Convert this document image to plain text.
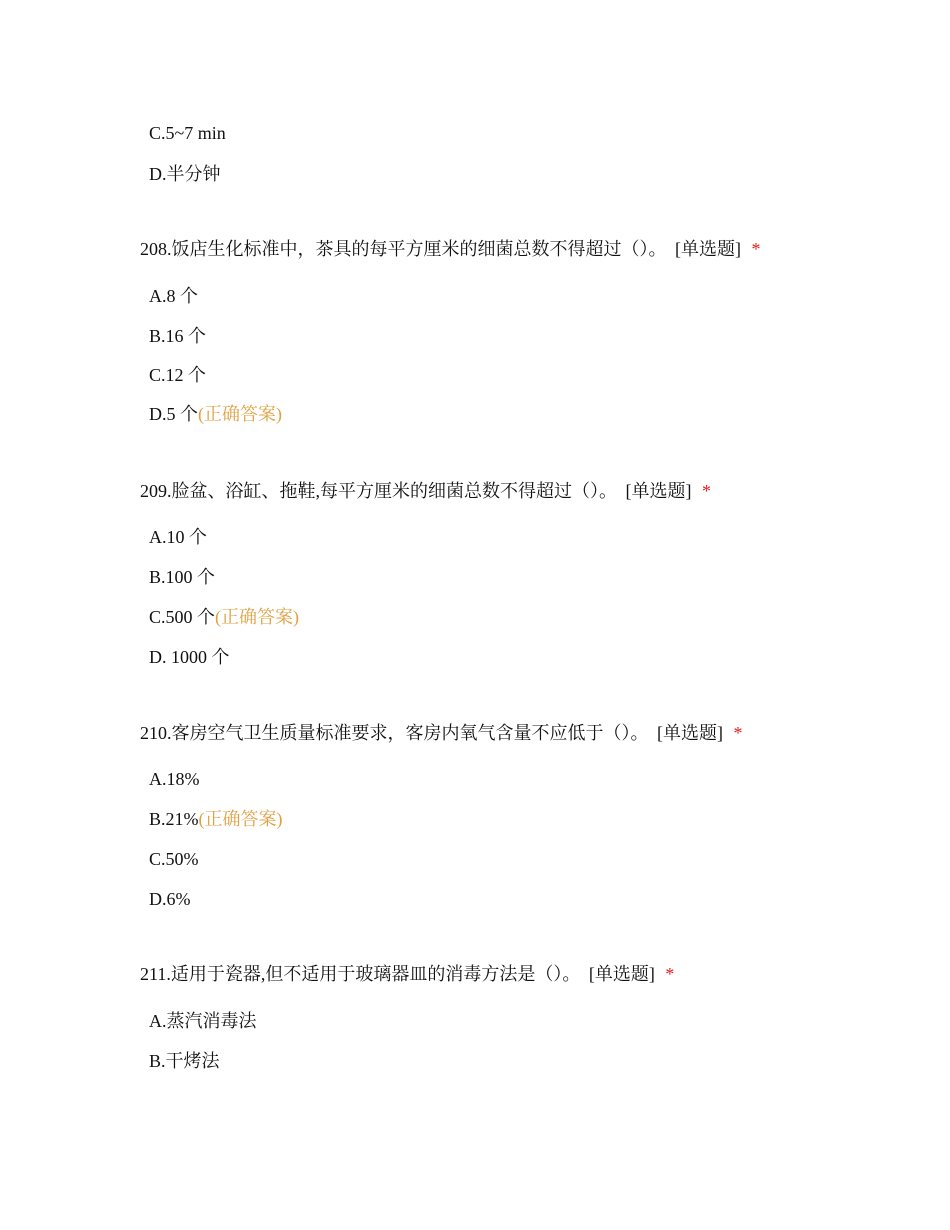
C.5~7 min
D.半分钟
208.饭店生化标准中，茶具的每平方厘米的细菌总数不得超过（）。 [单选题] *
A.8 个
B.16 个
C.12 个
D.5 个(正确答案)
209.脸盆、浴缸、拖鞋,每平方厘米的细菌总数不得超过（）。 [单选题] *
A.10 个
B.100 个
C.500 个(正确答案)
D. 1000 个
210.客房空气卫生质量标准要求，客房内氧气含量不应低于（）。 [单选题] *
A.18%
B.21%(正确答案)
C.50%
D.6%
211.适用于瓷器,但不适用于玻璃器皿的消毒方法是（）。 [单选题] *
A.蒸汽消毒法
B.干烤法
